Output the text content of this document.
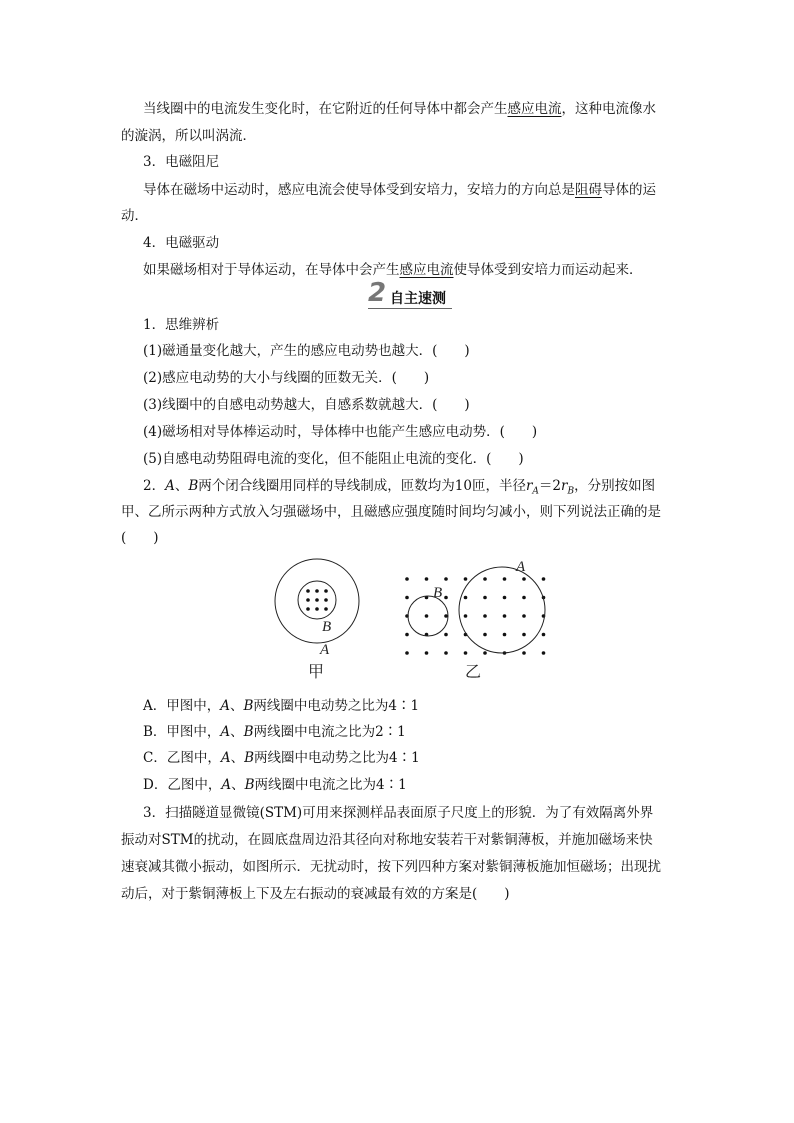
当线圈中的电流发生变化时，在它附近的任何导体中都会产生感应电流，这种电流像水
的漩涡，所以叫涡流．
3．电磁阻尼
导体在磁场中运动时，感应电流会使导体受到安培力，安培力的方向总是阻碍导体的运
动．
4．电磁驱动
如果磁场相对于导体运动，在导体中会产生感应电流使导体受到安培力而运动起来．
2 自主速测
1．思维辨析
(1)磁通量变化越大，产生的感应电动势也越大．(　　)
(2)感应电动势的大小与线圈的匝数无关．(　　)
(3)线圈中的自感电动势越大，自感系数就越大．(　　)
(4)磁场相对导体棒运动时，导体棒中也能产生感应电动势．(　　)
(5)自感电动势阻碍电流的变化，但不能阻止电流的变化．(　　)
2．A、B两个闭合线圈用同样的导线制成，匝数均为10匝，半径$r_A=2r_B$，分别按如图
甲、乙所示两种方式放入匀强磁场中，且磁感应强度随时间均匀减小，则下列说法正确的是
(　　)
B
A
甲
B
A
乙
A．甲图中，A、B两线圈中电动势之比为4∶1
B．甲图中，A、B两线圈中电流之比为2∶1
C．乙图中，A、B两线圈中电动势之比为4∶1
D．乙图中，A、B两线圈中电流之比为4∶1
3．扫描隧道显微镜(STM)可用来探测样品表面原子尺度上的形貌．为了有效隔离外界
振动对STM的扰动，在圆底盘周边沿其径向对称地安装若干对紫铜薄板，并施加磁场来快
速衰减其微小振动，如图所示．无扰动时，按下列四种方案对紫铜薄板施加恒磁场；出现扰
动后，对于紫铜薄板上下及左右振动的衰减最有效的方案是(　　)
